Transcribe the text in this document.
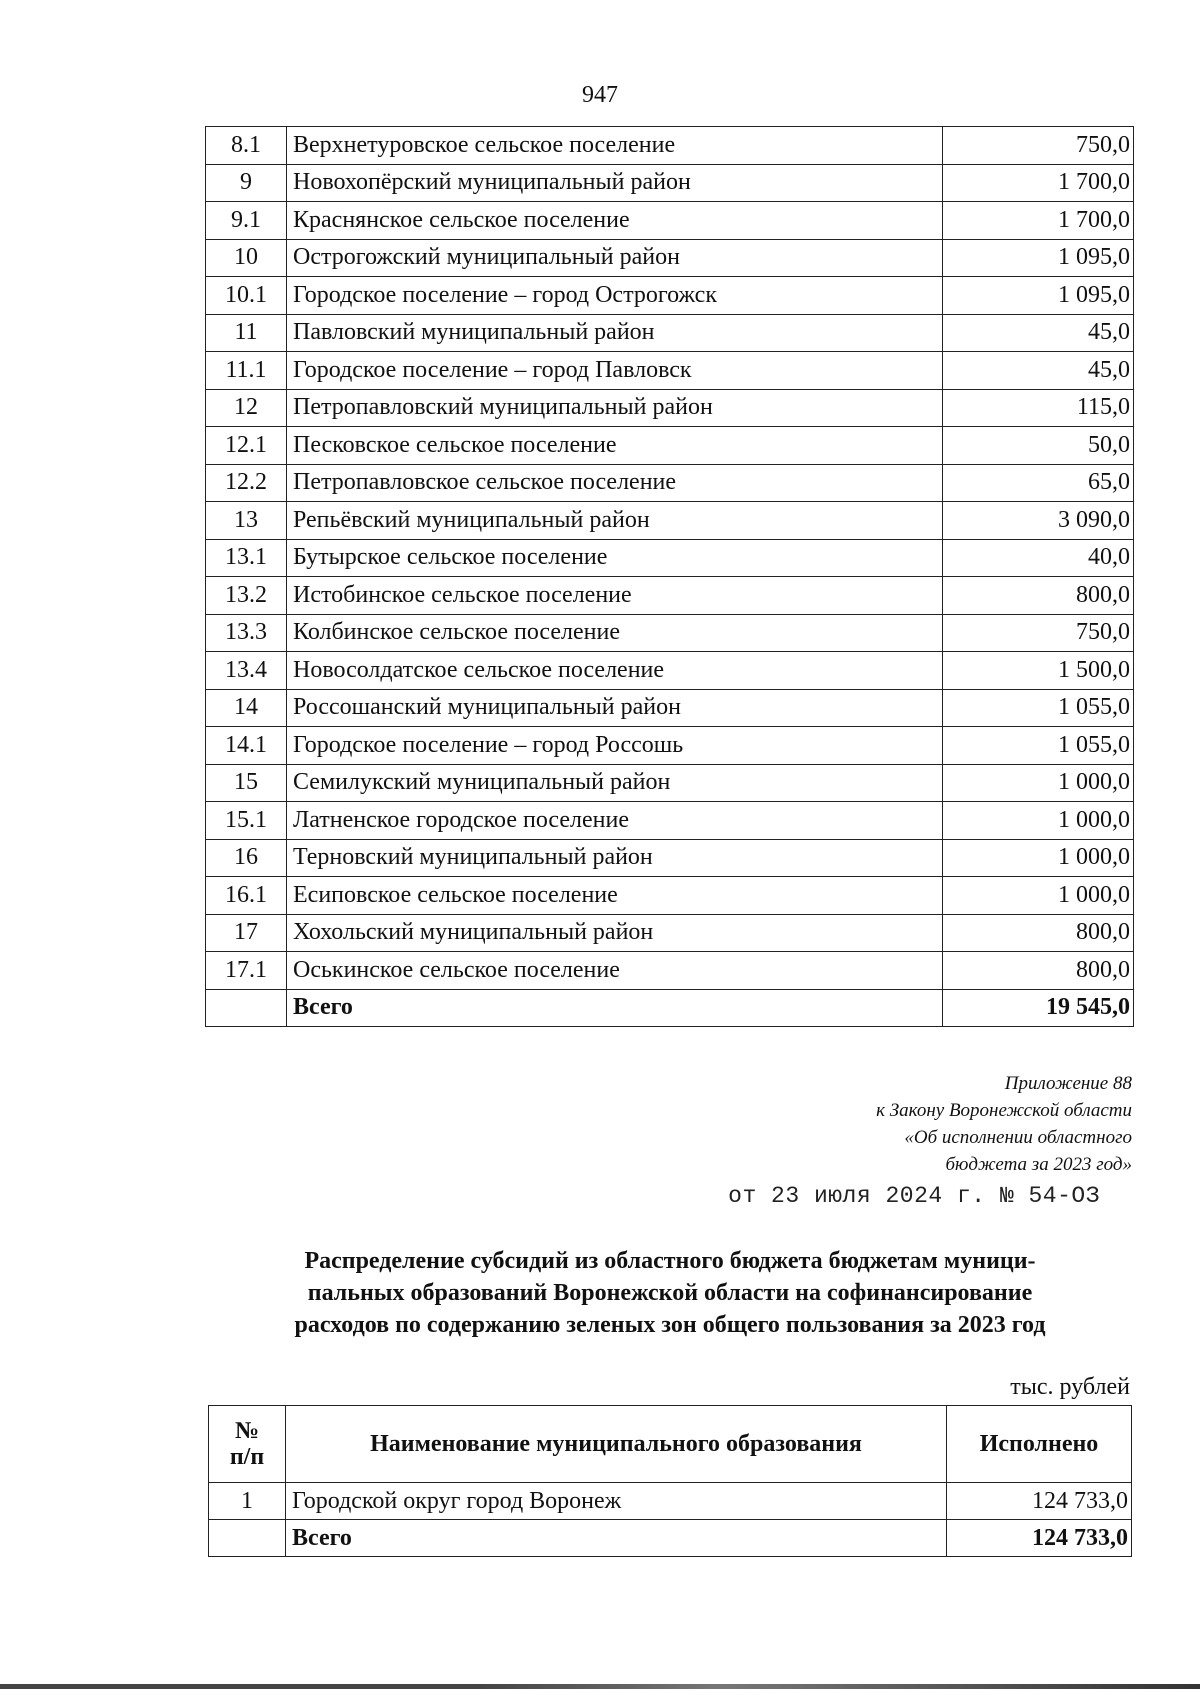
947
8.1	Верхнетуровское сельское поселение	750,0
9	Новохопёрский муниципальный район	1 700,0
9.1	Краснянское сельское поселение	1 700,0
10	Острогожский муниципальный район	1 095,0
10.1	Городское поселение – город Острогожск	1 095,0
11	Павловский муниципальный район	45,0
11.1	Городское поселение – город Павловск	45,0
12	Петропавловский муниципальный район	115,0
12.1	Песковское сельское поселение	50,0
12.2	Петропавловское сельское поселение	65,0
13	Репьёвский муниципальный район	3 090,0
13.1	Бутырское сельское поселение	40,0
13.2	Истобинское сельское поселение	800,0
13.3	Колбинское сельское поселение	750,0
13.4	Новосолдатское сельское поселение	1 500,0
14	Россошанский муниципальный район	1 055,0
14.1	Городское поселение – город Россошь	1 055,0
15	Семилукский муниципальный район	1 000,0
15.1	Латненское городское поселение	1 000,0
16	Терновский муниципальный район	1 000,0
16.1	Есиповское сельское поселение	1 000,0
17	Хохольский муниципальный район	800,0
17.1	Оськинское сельское поселение	800,0
	Всего	19 545,0
Приложение 88
к Закону Воронежской области
«Об исполнении областного
бюджета за 2023 год»
от 23 июля 2024 г. № 54-ОЗ
Распределение субсидий из областного бюджета бюджетам муници-
пальных образований Воронежской области на софинансирование
расходов по содержанию зеленых зон общего пользования за 2023 год
тыс. рублей
№
п/п	Наименование муниципального образования	Исполнено
1	Городской округ город Воронеж	124 733,0
	Всего	124 733,0
